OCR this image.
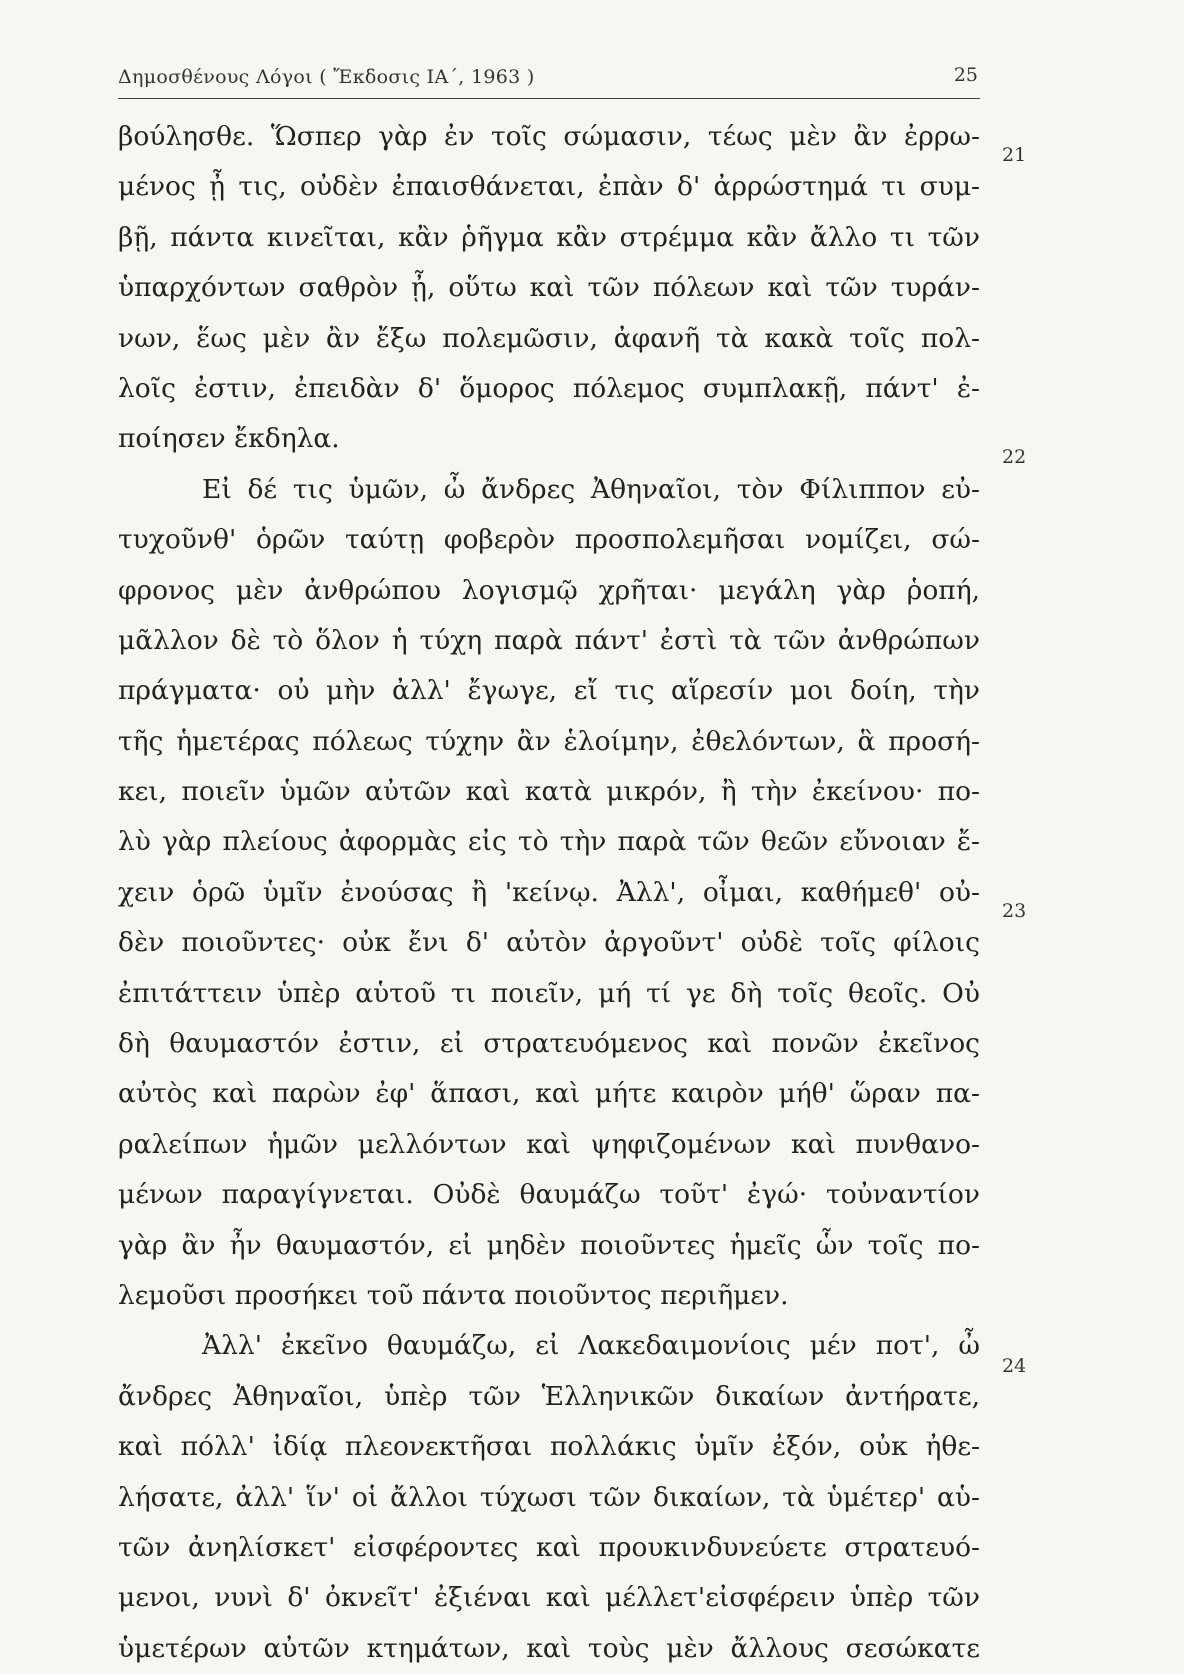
Δημοσθένους Λόγοι ( Ἔκδοσις ΙΑ΄, 1963 )	25
βούλησθε. Ὥσπερ γὰρ ἐν τοῖς σώμασιν, τέως μὲν ἂν ἐρρω-
μένος ᾖ τις, οὐδὲν ἐπαισθάνεται, ἐπὰν δ' ἀρρώστημά τι συμ-
βῇ, πάντα κινεῖται, κἂν ῥῆγμα κἂν στρέμμα κἂν ἄλλο τι τῶν
ὑπαρχόντων σαθρὸν ᾖ, οὕτω καὶ τῶν πόλεων καὶ τῶν τυράν-
νων, ἕως μὲν ἂν ἔξω πολεμῶσιν, ἀφανῆ τὰ κακὰ τοῖς πολ-
λοῖς ἐστιν, ἐπειδὰν δ' ὅμορος πόλεμος συμπλακῇ, πάντ' ἐ-
ποίησεν ἔκδηλα.
Εἰ δέ τις ὑμῶν, ὦ ἄνδρες Ἀθηναῖοι, τὸν Φίλιππον εὐ-
τυχοῦνθ' ὁρῶν ταύτῃ φοβερὸν προσπολεμῆσαι νομίζει, σώ-
φρονος μὲν ἀνθρώπου λογισμῷ χρῆται· μεγάλη γὰρ ῥοπή,
μᾶλλον δὲ τὸ ὅλον ἡ τύχη παρὰ πάντ' ἐστὶ τὰ τῶν ἀνθρώπων
πράγματα· οὐ μὴν ἀλλ' ἔγωγε, εἴ τις αἵρεσίν μοι δοίη, τὴν
τῆς ἡμετέρας πόλεως τύχην ἂν ἑλοίμην, ἐθελόντων, ἃ προσή-
κει, ποιεῖν ὑμῶν αὐτῶν καὶ κατὰ μικρόν, ἢ τὴν ἐκείνου· πο-
λὺ γὰρ πλείους ἀφορμὰς εἰς τὸ τὴν παρὰ τῶν θεῶν εὔνοιαν ἔ-
χειν ὁρῶ ὑμῖν ἐνούσας ἢ 'κείνῳ. Ἀλλ', οἶμαι, καθήμεθ' οὐ-
δὲν ποιοῦντες· οὐκ ἔνι δ' αὐτὸν ἀργοῦντ' οὐδὲ τοῖς φίλοις
ἐπιτάττειν ὑπὲρ αὑτοῦ τι ποιεῖν, μή τί γε δὴ τοῖς θεοῖς. Οὐ
δὴ θαυμαστόν ἐστιν, εἰ στρατευόμενος καὶ πονῶν ἐκεῖνος
αὐτὸς καὶ παρὼν ἐφ' ἅπασι, καὶ μήτε καιρὸν μήθ' ὥραν πα-
ραλείπων ἡμῶν μελλόντων καὶ ψηφιζομένων καὶ πυνθανο-
μένων παραγίγνεται. Οὐδὲ θαυμάζω τοῦτ' ἐγώ· τοὐναντίον
γὰρ ἂν ἦν θαυμαστόν, εἰ μηδὲν ποιοῦντες ἡμεῖς ὧν τοῖς πο-
λεμοῦσι προσήκει τοῦ πάντα ποιοῦντος περιῆμεν.
Ἀλλ' ἐκεῖνο θαυμάζω, εἰ Λακεδαιμονίοις μέν ποτ', ὦ
ἄνδρες Ἀθηναῖοι, ὑπὲρ τῶν Ἑλληνικῶν δικαίων ἀντήρατε,
καὶ πόλλ' ἰδίᾳ πλεονεκτῆσαι πολλάκις ὑμῖν ἐξόν, οὐκ ἠθε-
λήσατε, ἀλλ' ἵν' οἱ ἄλλοι τύχωσι τῶν δικαίων, τὰ ὑμέτερ' αὑ-
τῶν ἀνηλίσκετ' εἰσφέροντες καὶ προυκινδυνεύετε στρατευό-
μενοι, νυνὶ δ' ὀκνεῖτ' ἐξιέναι καὶ μέλλετ'εἰσφέρειν ὑπὲρ τῶν
ὑμετέρων αὐτῶν κτημάτων, καὶ τοὺς μὲν ἄλλους σεσώκατε
21
22
23
24
